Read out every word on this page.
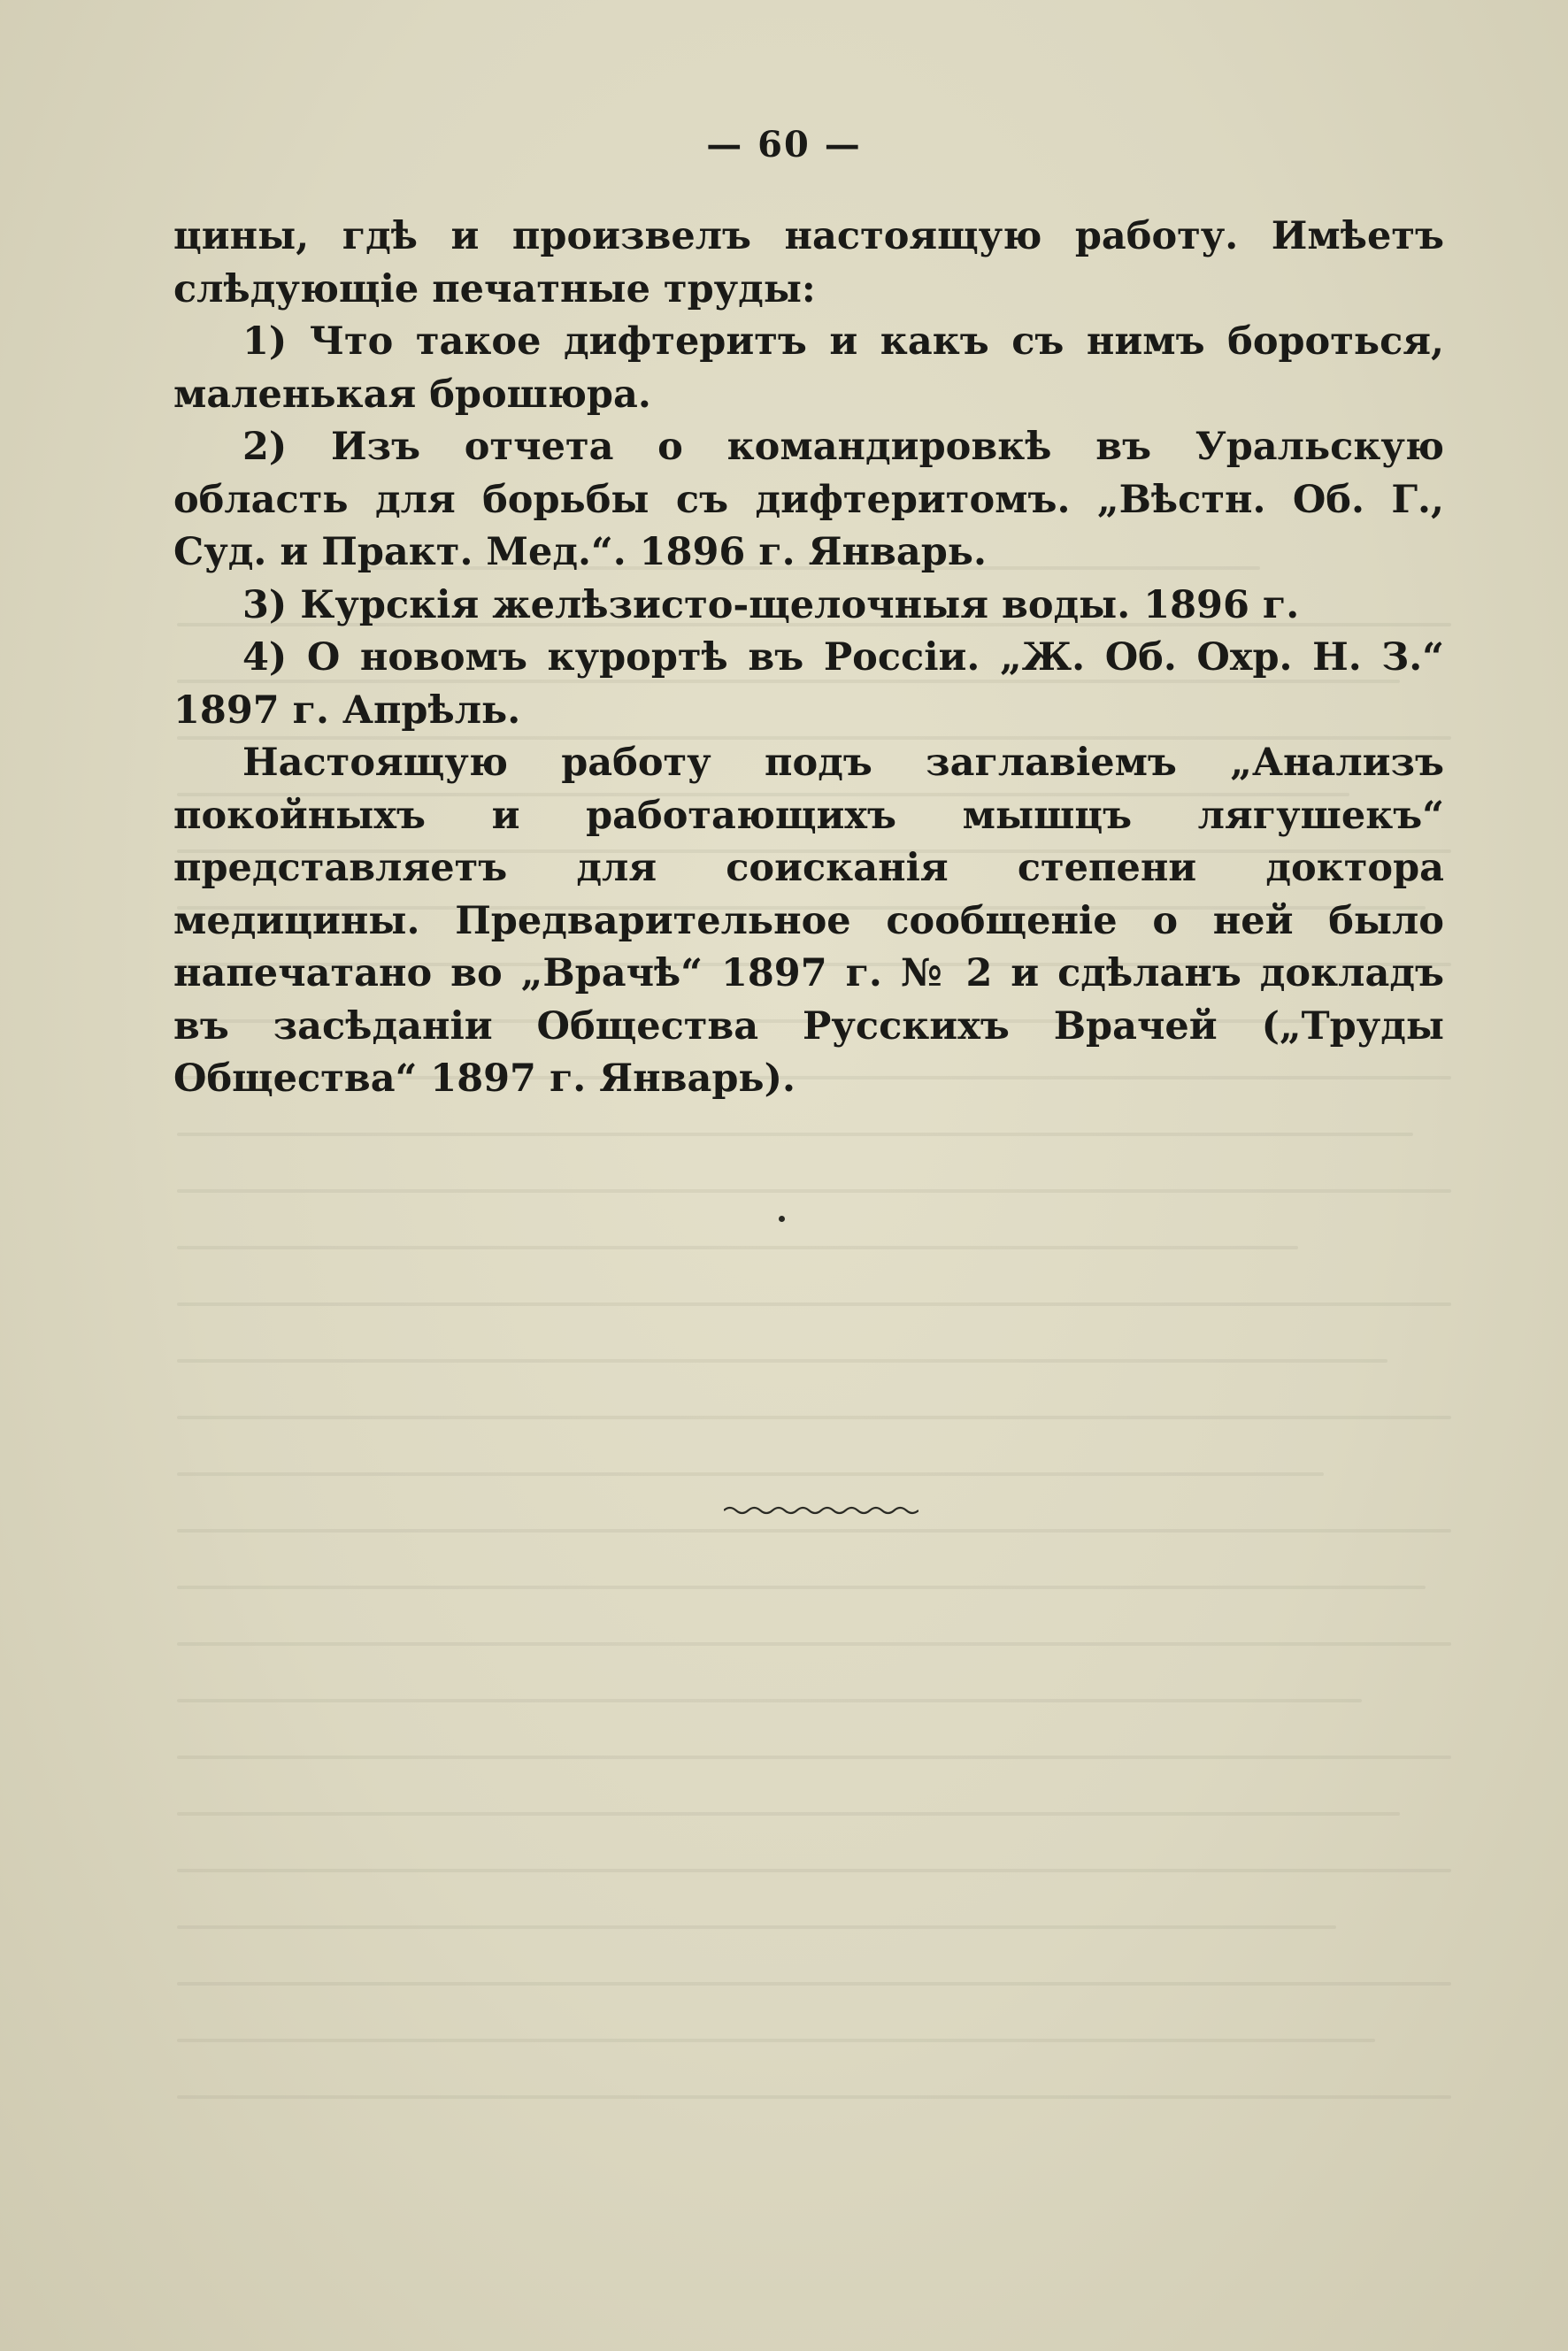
— 60 —

цины, гдѣ и произвелъ настоящую работу. Имѣетъ слѣдующіе печатные труды:

1) Что такое дифтеритъ и какъ съ нимъ бороться, маленькая брошюра.

2) Изъ отчета о командировкѣ въ Уральскую область для борьбы съ дифтеритомъ. „Вѣстн. Об. Г., Суд. и Практ. Мед.“. 1896 г. Январь.

3) Курскія желѣзисто-щелочныя воды. 1896 г.

4) О новомъ курортѣ въ Россіи. „Ж. Об. Охр. Н. З.“ 1897 г. Апрѣль.

Настоящую работу подъ заглавіемъ „Анализъ покойныхъ и работающихъ мышцъ лягушекъ“ представляетъ для соисканія степени доктора медицины. Предварительное сообщеніе о ней было напечатано во „Врачѣ“ 1897 г. № 2 и сдѣланъ докладъ въ засѣданіи Общества Русскихъ Врачей („Труды Общества“ 1897 г. Январь).
